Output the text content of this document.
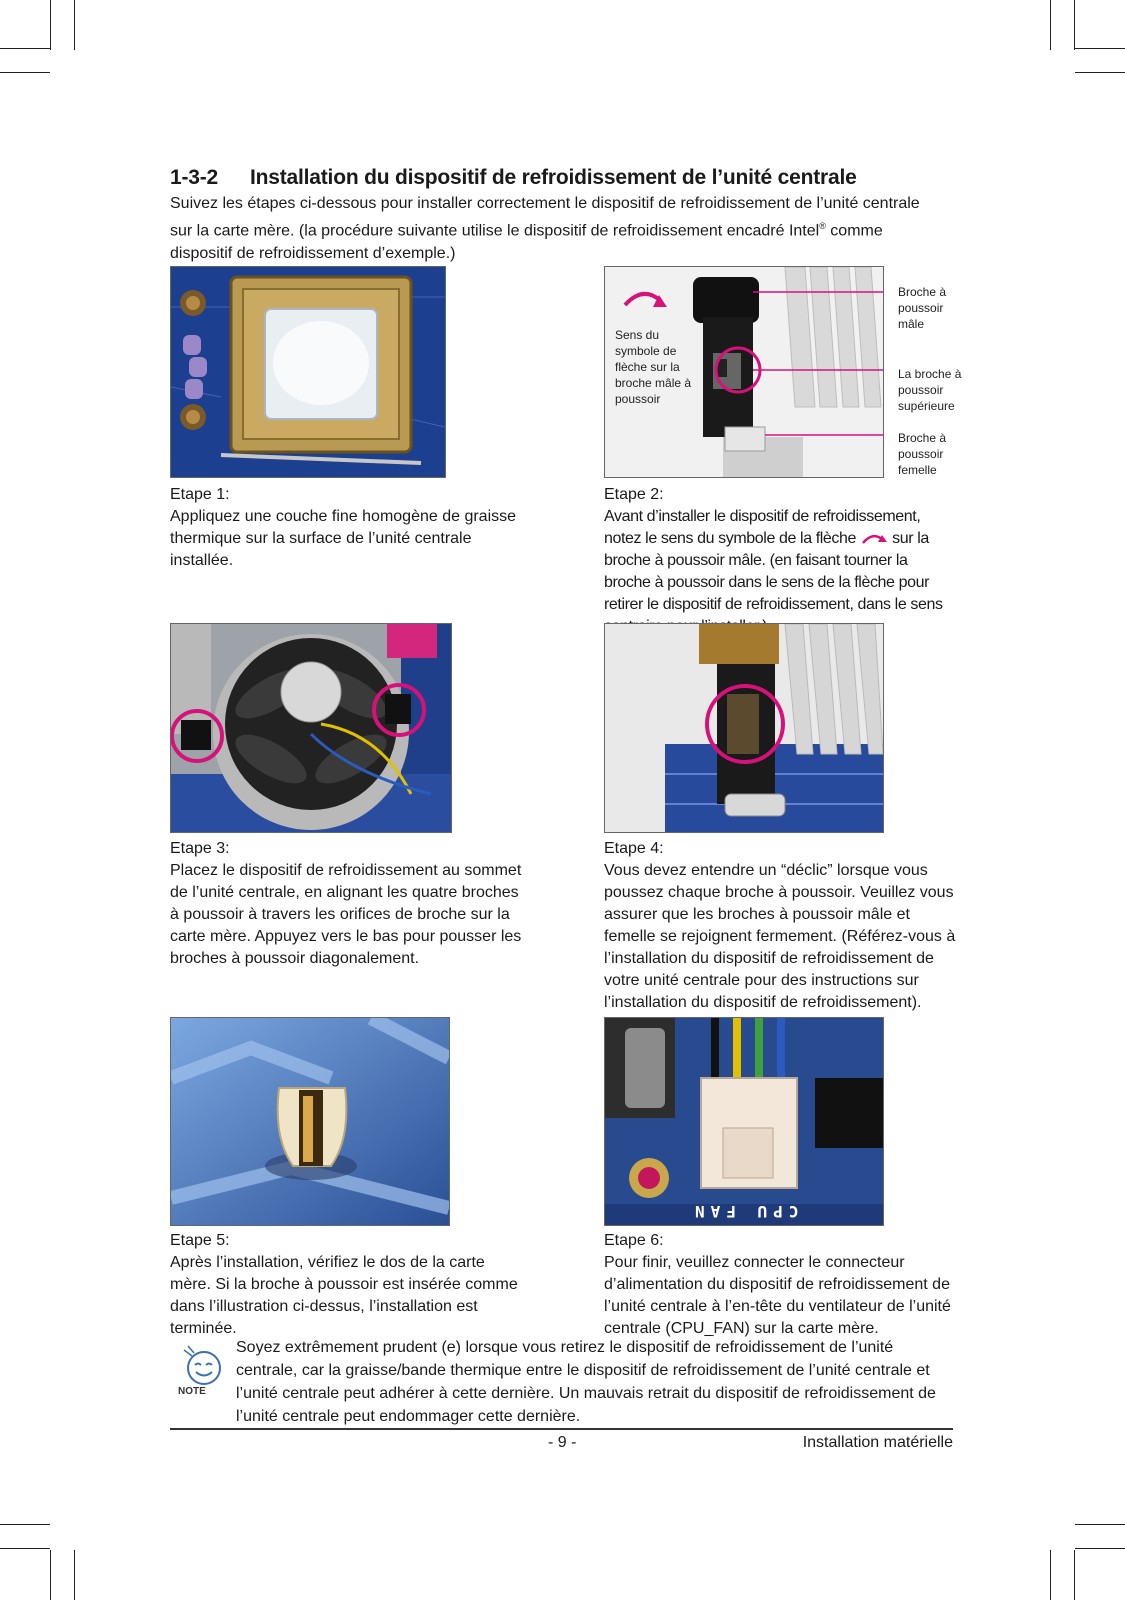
1-3-2 Installation du dispositif de refroidissement de l’unité centrale
Suivez les étapes ci-dessous pour installer correctement le dispositif de refroidissement de l’unité centrale sur la carte mère. (la procédure suivante utilise le dispositif de refroidissement encadré Intel® comme dispositif de refroidissement d’exemple.)
Sens du symbole de flèche sur la broche mâle à poussoir
Broche à poussoir mâle
La broche à poussoir supérieure
Broche à poussoir femelle
Etape 1:
Appliquez une couche fine homogène de graisse thermique sur la surface de l’unité centrale installée.
Etape 2:
Avant d’installer le dispositif de refroidissement, notez le sens du symbole de la flèche  sur la broche à poussoir mâle. (en faisant tourner la broche à poussoir dans le sens de la flèche pour retirer le dispositif de refroidissement, dans le sens
Etape 3:
Placez le dispositif de refroidissement au sommet de l’unité centrale, en alignant les quatre broches à poussoir à travers les orifices de broche sur la carte mère. Appuyez vers le bas pour pousser les broches à poussoir diagonalement.
Etape 4:
Vous devez entendre un “déclic” lorsque vous poussez chaque broche à poussoir. Veuillez vous assurer que les broches à poussoir mâle et femelle se rejoignent fermement. (Référez-vous à l’installation du dispositif de refroidissement de votre unité centrale pour des instructions sur l’installation du dispositif de refroidissement).
CPU FAN
Etape 5:
Après l’installation, vérifiez le dos de la carte mère. Si la broche à poussoir est insérée comme dans l’illustration ci-dessus, l’installation est terminée.
Etape 6:
Pour finir, veuillez connecter le connecteur d’alimentation du dispositif de refroidissement de l’unité centrale à l’en-tête du ventilateur de l’unité centrale (CPU_FAN) sur la carte mère.
NOTE
Soyez extrêmement prudent (e) lorsque vous retirez le dispositif de refroidissement de l’unité centrale, car la graisse/bande thermique entre le dispositif de refroidissement de l’unité centrale et l’unité centrale peut adhérer à cette dernière. Un mauvais retrait du dispositif de refroidissement de l’unité centrale peut endommager cette dernière.
- 9 -	Installation matérielle
